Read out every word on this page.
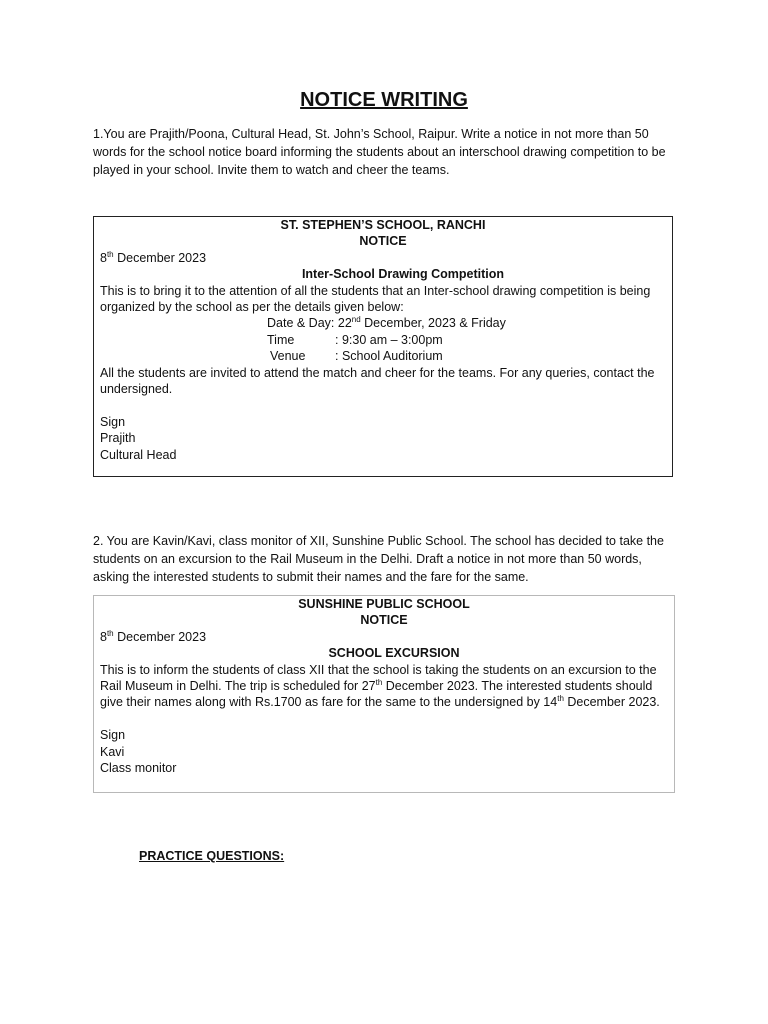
NOTICE WRITING
1.You are Prajith/Poona, Cultural Head, St. John’s School, Raipur. Write a notice in not more than 50 words for the school notice board informing the students about an interschool drawing competition to be played in your school. Invite them to watch and cheer the teams.
ST. STEPHEN’S SCHOOL, RANCHI
NOTICE
8th December 2023
Inter-School Drawing Competition
This is to bring it to the attention of all the students that an Inter-school drawing competition is being organized by the school as per the details given below:
Date & Day: 22nd December, 2023 & Friday
Time	: 9:30 am – 3:00pm
Venue : School Auditorium
All the students are invited to attend the match and cheer for the teams. For any queries, contact the undersigned.
Sign
Prajith
Cultural Head
2. You are Kavin/Kavi, class monitor of XII, Sunshine Public School. The school has decided to take the students on an excursion to the Rail Museum in the Delhi. Draft a notice in not more than 50 words, asking the interested students to submit their names and the fare for the same.
SUNSHINE PUBLIC SCHOOL
NOTICE
8th December 2023
SCHOOL EXCURSION
This is to inform the students of class XII that the school is taking the students on an excursion to the Rail Museum in Delhi. The trip is scheduled for 27th December 2023. The interested students should give their names along with Rs.1700 as fare for the same to the undersigned by 14th December 2023.
Sign
Kavi
Class monitor
PRACTICE QUESTIONS:
